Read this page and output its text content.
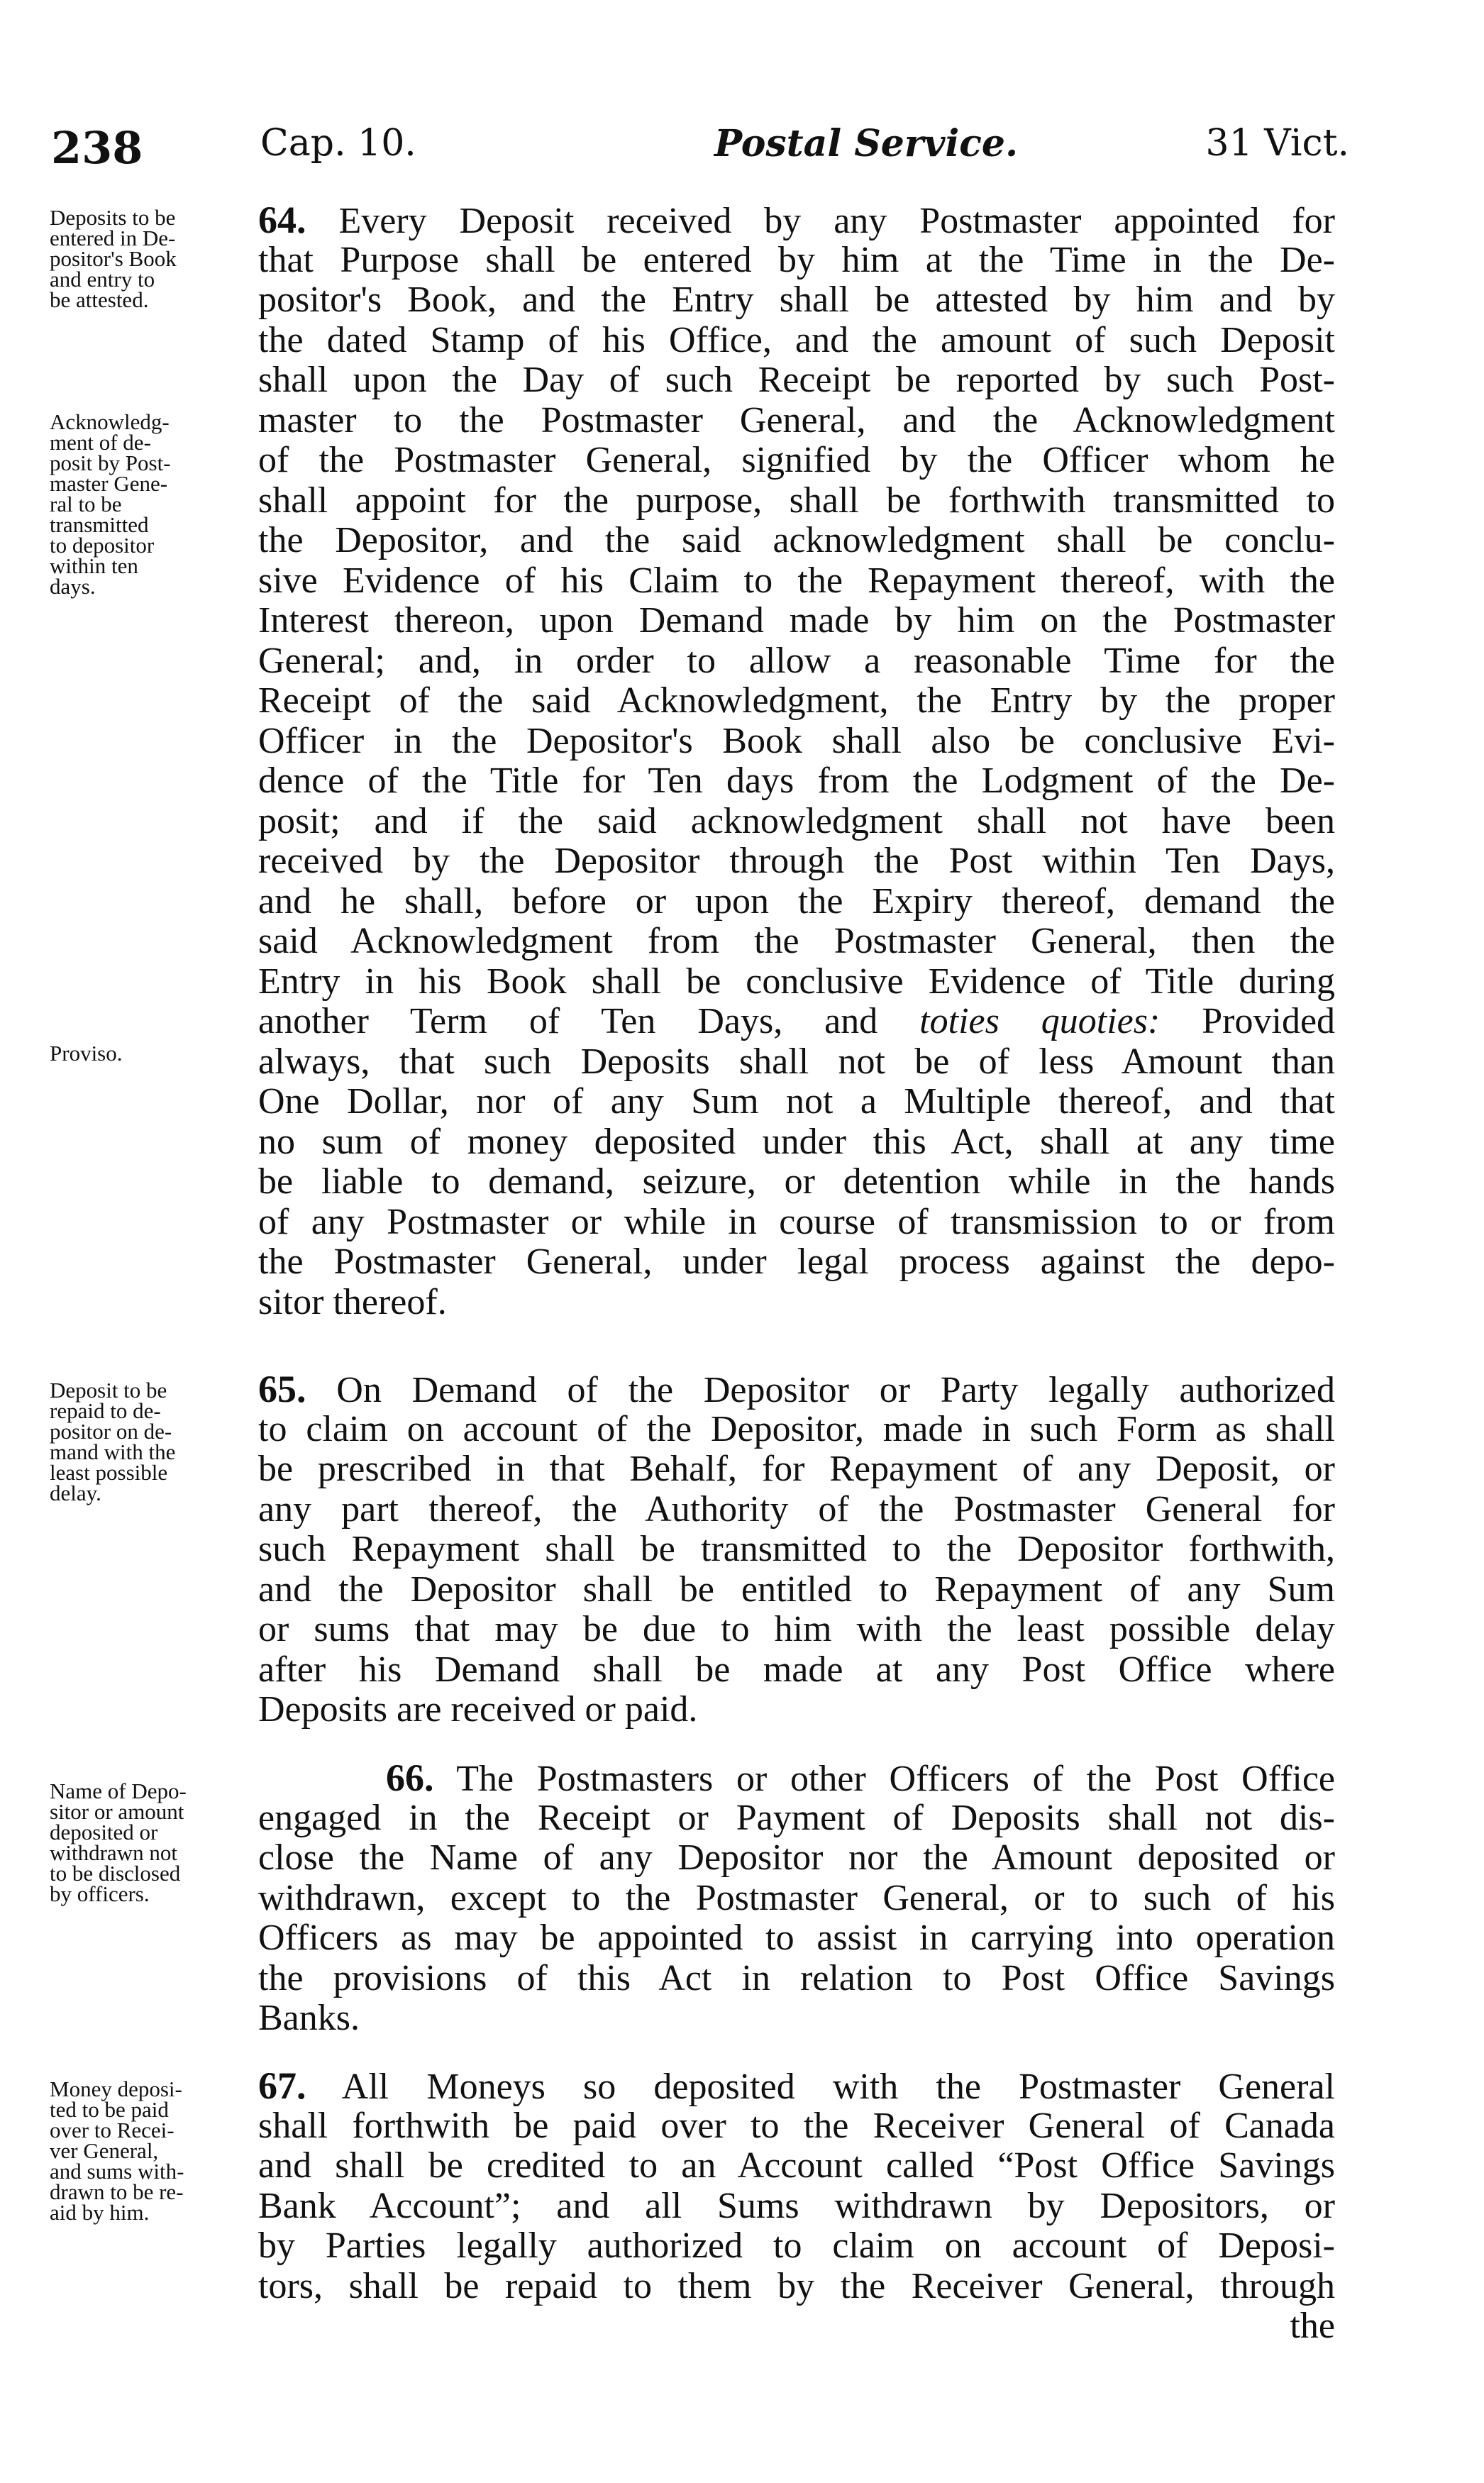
238	Cap. 10.	Postal Service.	31 Vict.
Deposits to be
entered in De-
positor's Book
and entry to
be attested.
Acknowledg-
ment of de-
posit by Post-
master Gene-
ral to be
transmitted
to depositor
within ten
days.
Proviso.
Deposit to be
repaid to de-
positor on de-
mand with the
least possible
delay.
Name of Depo-
sitor or amount
deposited or
withdrawn not
to be disclosed
by officers.
Money deposi-
ted to be paid
over to Recei-
ver General,
and sums with-
drawn to be re-
aid by him.
64. Every Deposit received by any Postmaster appointed for
that Purpose shall be entered by him at the Time in the De-
positor's Book, and the Entry shall be attested by him and by
the dated Stamp of his Office, and the amount of such Deposit
shall upon the Day of such Receipt be reported by such Post-
master to the Postmaster General, and the Acknowledgment
of the Postmaster General, signified by the Officer whom he
shall appoint for the purpose, shall be forthwith transmitted to
the Depositor, and the said acknowledgment shall be conclu-
sive Evidence of his Claim to the Repayment thereof, with the
Interest thereon, upon Demand made by him on the Postmaster
General; and, in order to allow a reasonable Time for the
Receipt of the said Acknowledgment, the Entry by the proper
Officer in the Depositor's Book shall also be conclusive Evi-
dence of the Title for Ten days from the Lodgment of the De-
posit; and if the said acknowledgment shall not have been
received by the Depositor through the Post within Ten Days,
and he shall, before or upon the Expiry thereof, demand the
said Acknowledgment from the Postmaster General, then the
Entry in his Book shall be conclusive Evidence of Title during
another Term of Ten Days, and toties quoties: Provided
always, that such Deposits shall not be of less Amount than
One Dollar, nor of any Sum not a Multiple thereof, and that
no sum of money deposited under this Act, shall at any time
be liable to demand, seizure, or detention while in the hands
of any Postmaster or while in course of transmission to or from
the Postmaster General, under legal process against the depo-
sitor thereof.
65. On Demand of the Depositor or Party legally authorized
to claim on account of the Depositor, made in such Form as shall
be prescribed in that Behalf, for Repayment of any Deposit, or
any part thereof, the Authority of the Postmaster General for
such Repayment shall be transmitted to the Depositor forthwith,
and the Depositor shall be entitled to Repayment of any Sum
or sums that may be due to him with the least possible delay
after his Demand shall be made at any Post Office where
Deposits are received or paid.
66. The Postmasters or other Officers of the Post Office
engaged in the Receipt or Payment of Deposits shall not dis-
close the Name of any Depositor nor the Amount deposited or
withdrawn, except to the Postmaster General, or to such of his
Officers as may be appointed to assist in carrying into operation
the provisions of this Act in relation to Post Office Savings
Banks.
67. All Moneys so deposited with the Postmaster General
shall forthwith be paid over to the Receiver General of Canada
and shall be credited to an Account called “Post Office Savings
Bank Account”; and all Sums withdrawn by Depositors, or
by Parties legally authorized to claim on account of Deposi-
tors, shall be repaid to them by the Receiver General, through
the
